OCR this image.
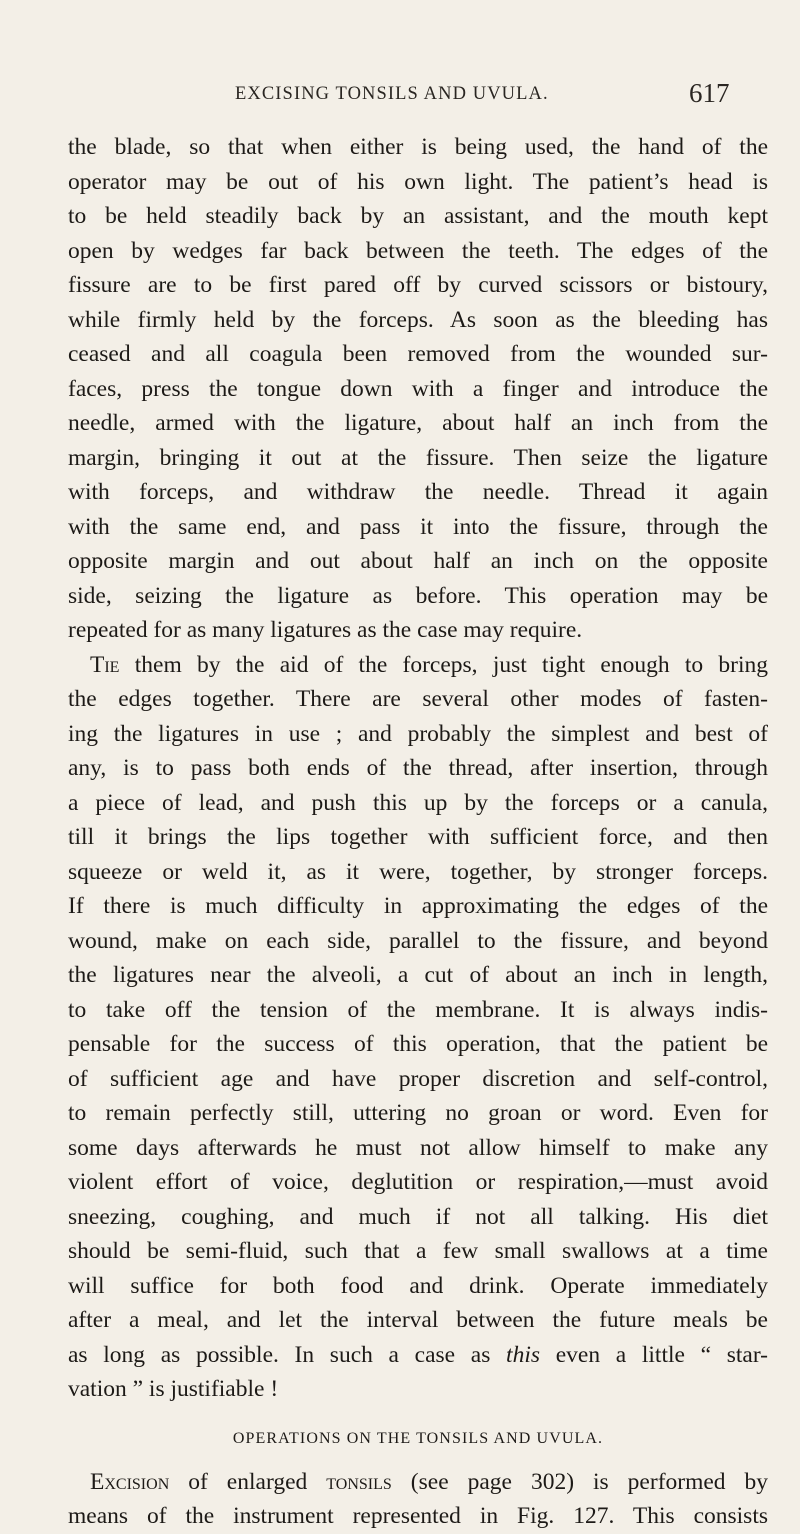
EXCISING TONSILS AND UVULA.	617
the blade, so that when either is being used, the hand of the
operator may be out of his own light. The patient’s head is
to be held steadily back by an assistant, and the mouth kept
open by wedges far back between the teeth. The edges of the
fissure are to be first pared off by curved scissors or bistoury,
while firmly held by the forceps. As soon as the bleeding has
ceased and all coagula been removed from the wounded sur-
faces, press the tongue down with a finger and introduce the
needle, armed with the ligature, about half an inch from the
margin, bringing it out at the fissure. Then seize the ligature
with forceps, and withdraw the needle. Thread it again
with the same end, and pass it into the fissure, through the
opposite margin and out about half an inch on the opposite
side, seizing the ligature as before. This operation may be
repeated for as many ligatures as the case may require.
Tie them by the aid of the forceps, just tight enough to bring
the edges together. There are several other modes of fasten-
ing the ligatures in use ; and probably the simplest and best of
any, is to pass both ends of the thread, after insertion, through
a piece of lead, and push this up by the forceps or a canula,
till it brings the lips together with sufficient force, and then
squeeze or weld it, as it were, together, by stronger forceps.
If there is much difficulty in approximating the edges of the
wound, make on each side, parallel to the fissure, and beyond
the ligatures near the alveoli, a cut of about an inch in length,
to take off the tension of the membrane. It is always indis-
pensable for the success of this operation, that the patient be
of sufficient age and have proper discretion and self-control,
to remain perfectly still, uttering no groan or word. Even for
some days afterwards he must not allow himself to make any
violent effort of voice, deglutition or respiration,—must avoid
sneezing, coughing, and much if not all talking. His diet
should be semi-fluid, such that a few small swallows at a time
will suffice for both food and drink. Operate immediately
after a meal, and let the interval between the future meals be
as long as possible. In such a case as this even a little “ star-
vation ” is justifiable !
OPERATIONS ON THE TONSILS AND UVULA.
Excision of enlarged tonsils (see page 302) is performed by
means of the instrument represented in Fig. 127. This consists
